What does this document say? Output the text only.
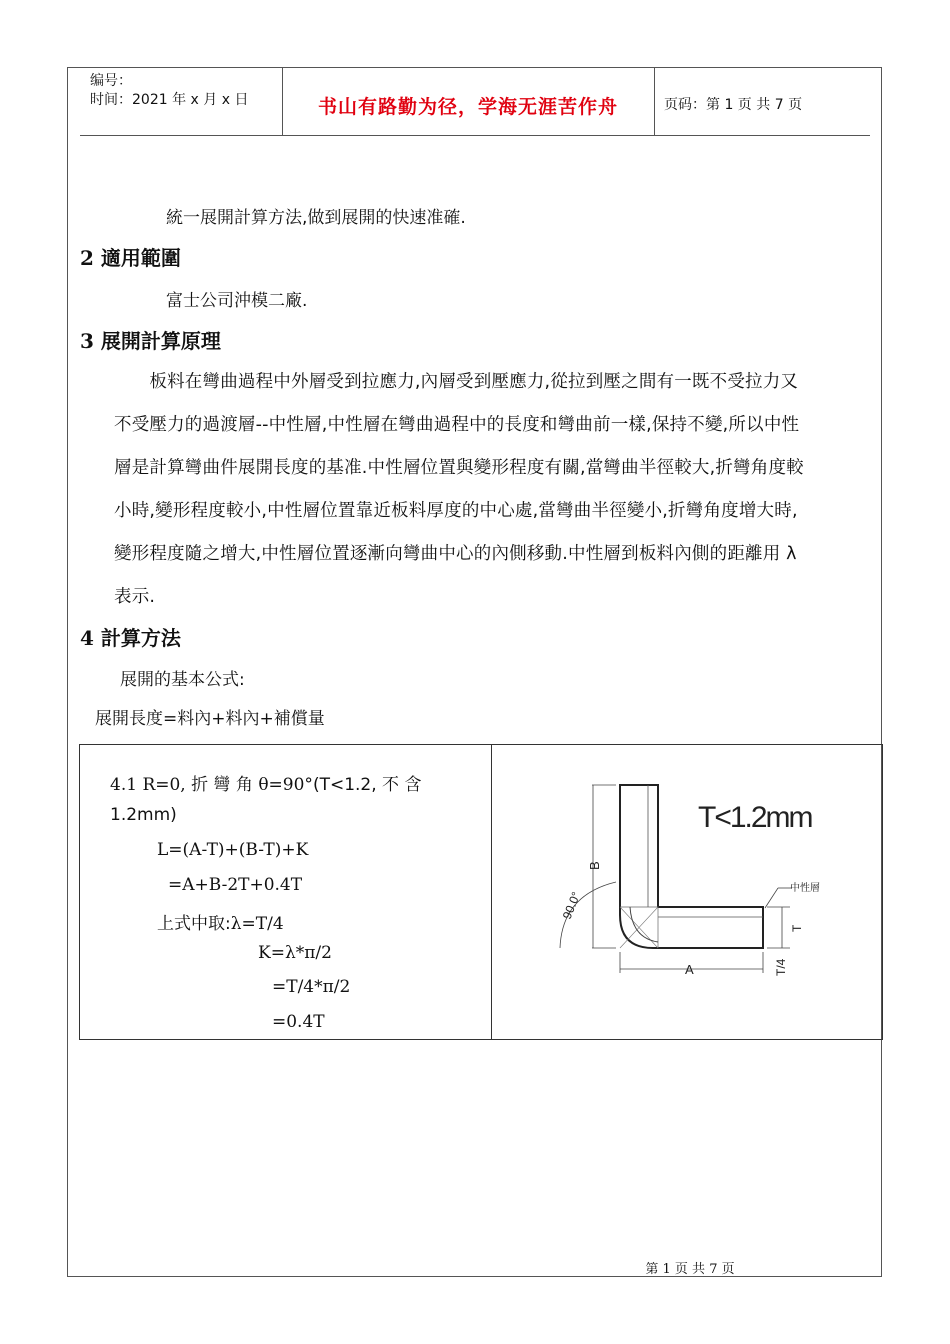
编号：
时间：2021 年 x 月 x 日	书山有路勤为径，学海无涯苦作舟	页码：第 1 页 共 7 页
統一展開計算方法,做到展開的快速准確.
2 適用範圍
富士公司沖模二廠.
3 展開計算原理
　　板料在彎曲過程中外層受到拉應力,內層受到壓應力,從拉到壓之間有一既不受拉力又
不受壓力的過渡層--中性層,中性層在彎曲過程中的長度和彎曲前一樣,保持不變,所以中性
層是計算彎曲件展開長度的基准.中性層位置與變形程度有關,當彎曲半徑較大,折彎角度較
小時,變形程度較小,中性層位置靠近板料厚度的中心處,當彎曲半徑變小,折彎角度增大時,
變形程度隨之增大,中性層位置逐漸向彎曲中心的內側移動.中性層到板料內側的距離用 λ
表示.
4 計算方法
展開的基本公式:
展開長度=料內+料內+補償量
4.1 R=0, 折 彎 角 θ=90°(T<1.2, 不 含
1.2mm)
L=(A-T)+(B-T)+K
=A+B-2T+0.4T
上式中取:λ=T/4
K=λ*π/2
=T/4*π/2
=0.4T
T<1.2mm
B
90.0°
A
T
T/4
中性層
第 1 页 共 7 页
